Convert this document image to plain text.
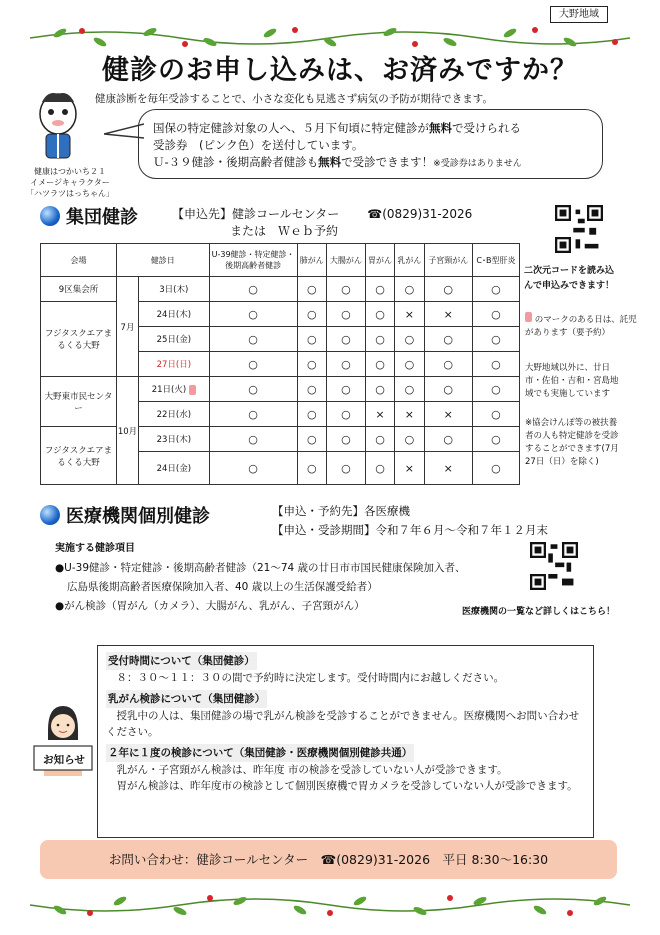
大野地域
健診のお申し込みは、お済みですか？
健康はつかいち２１
イメージキャラクター
「ハツラツはっちゃん」
健康診断を毎年受診することで、小さな変化も見逃さず病気の予防が期待できます。
国保の特定健診対象の人へ、５月下旬頃に特定健診が無料で受けられる
受診券　(ピンク色）を送付しています。
Ｕ-３９健診・後期高齢者健診も無料で受診できます！※受診券はありません
集団健診	【申込先】健診コールセンター ☎(0829)31-2026
または　Ｗｅｂ予約
二次元コードを読み込
んで申込みできます！
会場	健診日		U-39健診・特定健診・後期高齢者健診	肺がん	大腸がん	胃がん	乳がん	子宮頸がん	C･B型肝炎
9区集会所	7月	3日(木)	○	○	○	○	○	○	○
フジタスクエアまるくる大野		24日(木)	○	○	○	○	×	×	○
		25日(金)	○	○	○	○	○	○	○
		27日(日)	○	○	○	○	○	○	○
大野東市民センター	10月	21日(火)	○	○	○	○	○	○	○
		22日(水)	○	○	○	×	×	×	○
フジタスクエアまるくる大野		23日(木)	○	○	○	○	○	○	○
		24日(金)	○	○	○	○	×	×	○
のマークのある日は、託児があります（要予約）
大野地域以外に、廿日市・佐伯・吉和・宮島地域でも実施しています
※協会けんぽ等の被扶養者の人も特定健診を受診することができます(7月27日（日）を除く)
医療機関個別健診	【申込・予約先】各医療機
【申込・受診期間】令和７年６月～令和７年１２月末
実施する健診項目
●U-39健診・特定健診・後期高齢者健診（21～74 歳の廿日市市国民健康保険加入者、
広島県後期高齢者医療保険加入者、40 歳以上の生活保護受給者）
●がん検診（胃がん（カメラ）、大腸がん、乳がん、子宮頸がん）	医療機関の一覧など詳しくはこちら！
お知らせ
受付時間について（集団健診）

８：３０～１１：３０の間で予約時に決定します。受付時間内にお越しください。

乳がん検診について（集団健診）

授乳中の人は、集団健診の場で乳がん検診を受診することができません。医療機関へお問い合わせください。

２年に１度の検診について（集団健診・医療機関個別健診共通）

乳がん・子宮頸がん検診は、昨年度 市の検診を受診していない人が受診できます。

胃がん検診は、昨年度市の検診として個別医療機で胃カメラを受診していない人が受診できます。

お問い合わせ：健診コールセンター　☎(0829)31-2026　平日 8:30～16:30
